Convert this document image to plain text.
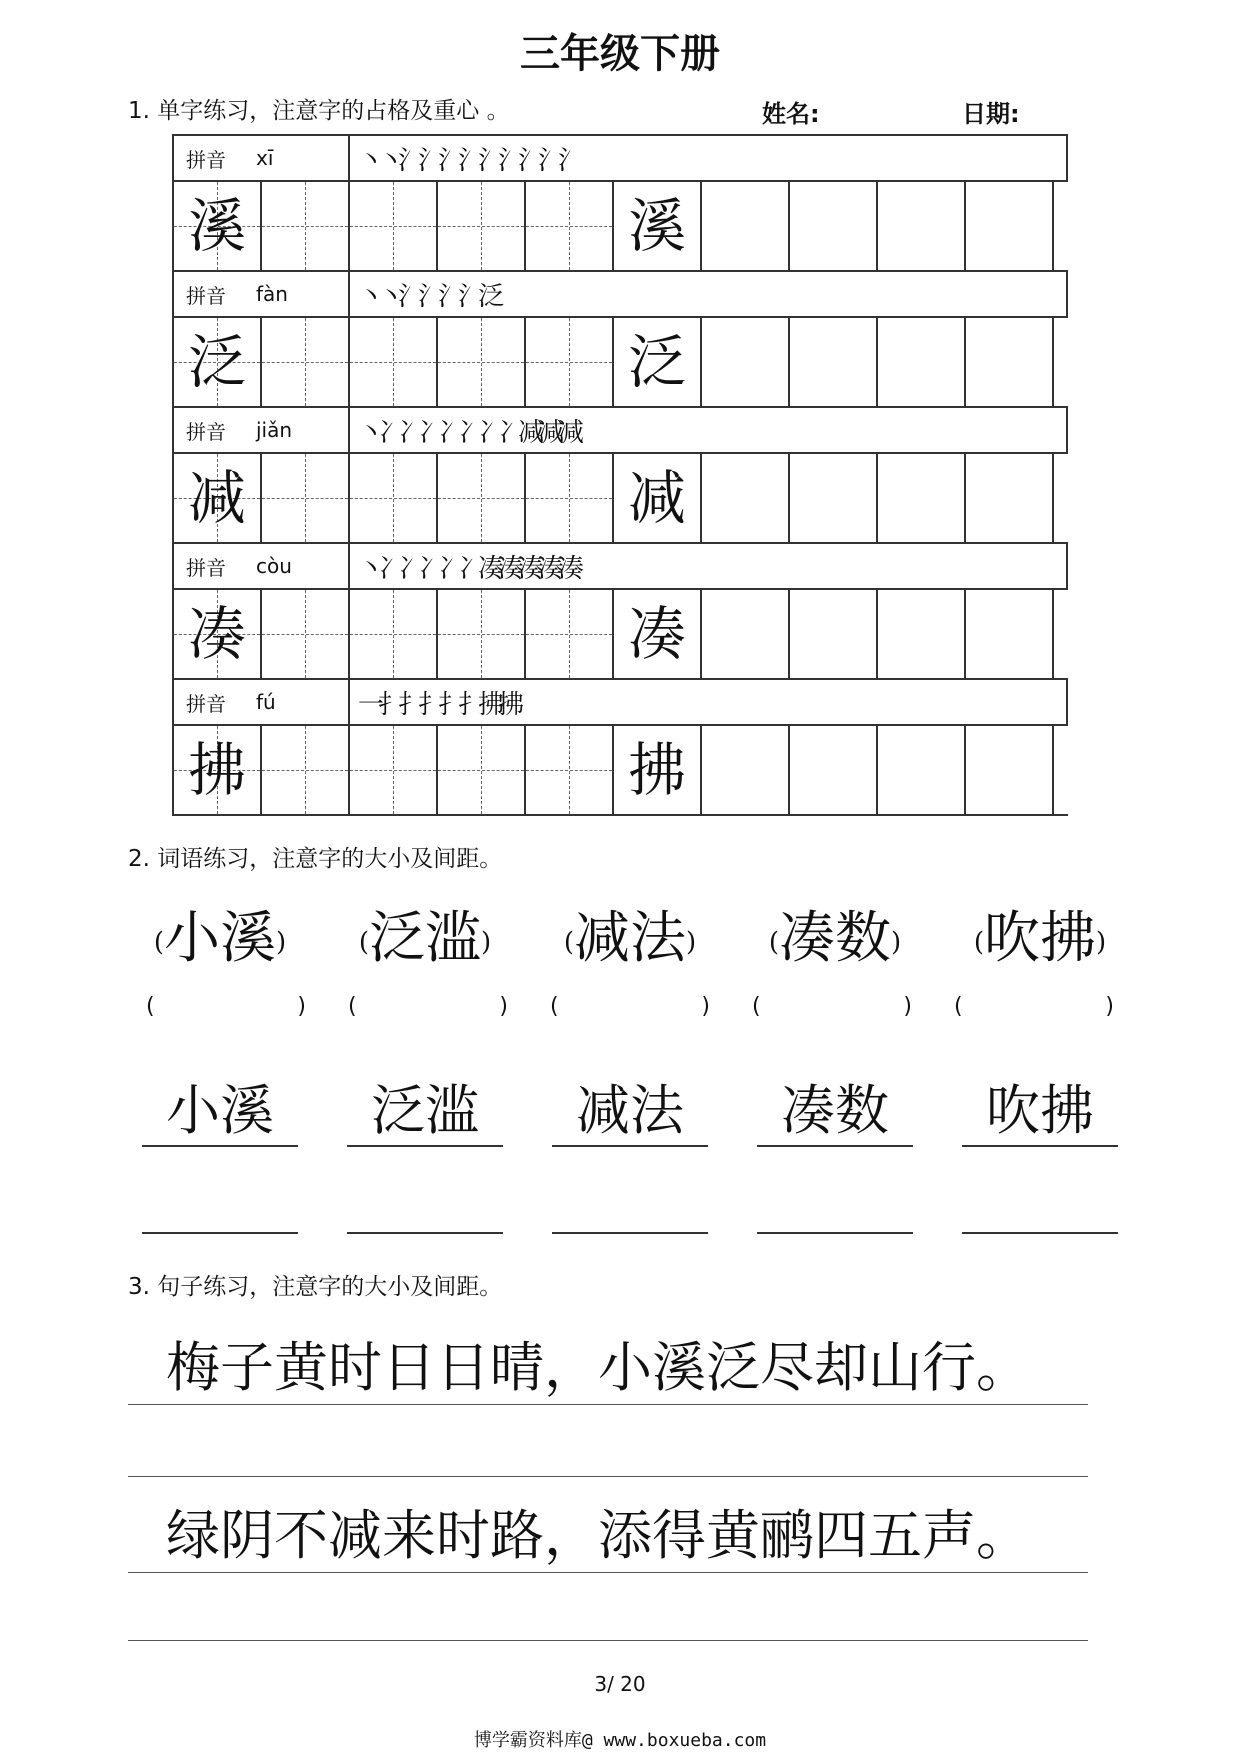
三年级下册
1. 单字练习，注意字的占格及重心 。	姓名:	日期:
拼音 xī	丶丶氵氵氵氵氵氵氵氵氵
溪	溪
拼音 fàn	丶丶氵氵氵氵泛
泛	泛
拼音 jiǎn	丶冫冫冫冫冫冫冫减减减
减	减
拼音 còu	丶冫冫冫冫冫凑凑凑凑凑
凑	凑
拼音 fú	一扌扌扌扌扌拂拂
拂	拂
2. 词语练习，注意字的大小及间距。
(小溪)	(泛滥)	(减法)	(凑数)	(吹拂)
(	) (	) (	) (	) (	)
小溪	泛滥	减法	凑数	吹拂
3. 句子练习，注意字的大小及间距。
梅子黄时日日晴，小溪泛尽却山行。
绿阴不减来时路，添得黄鹂四五声。
3/ 20
博学霸资料库@ www.boxueba.com
